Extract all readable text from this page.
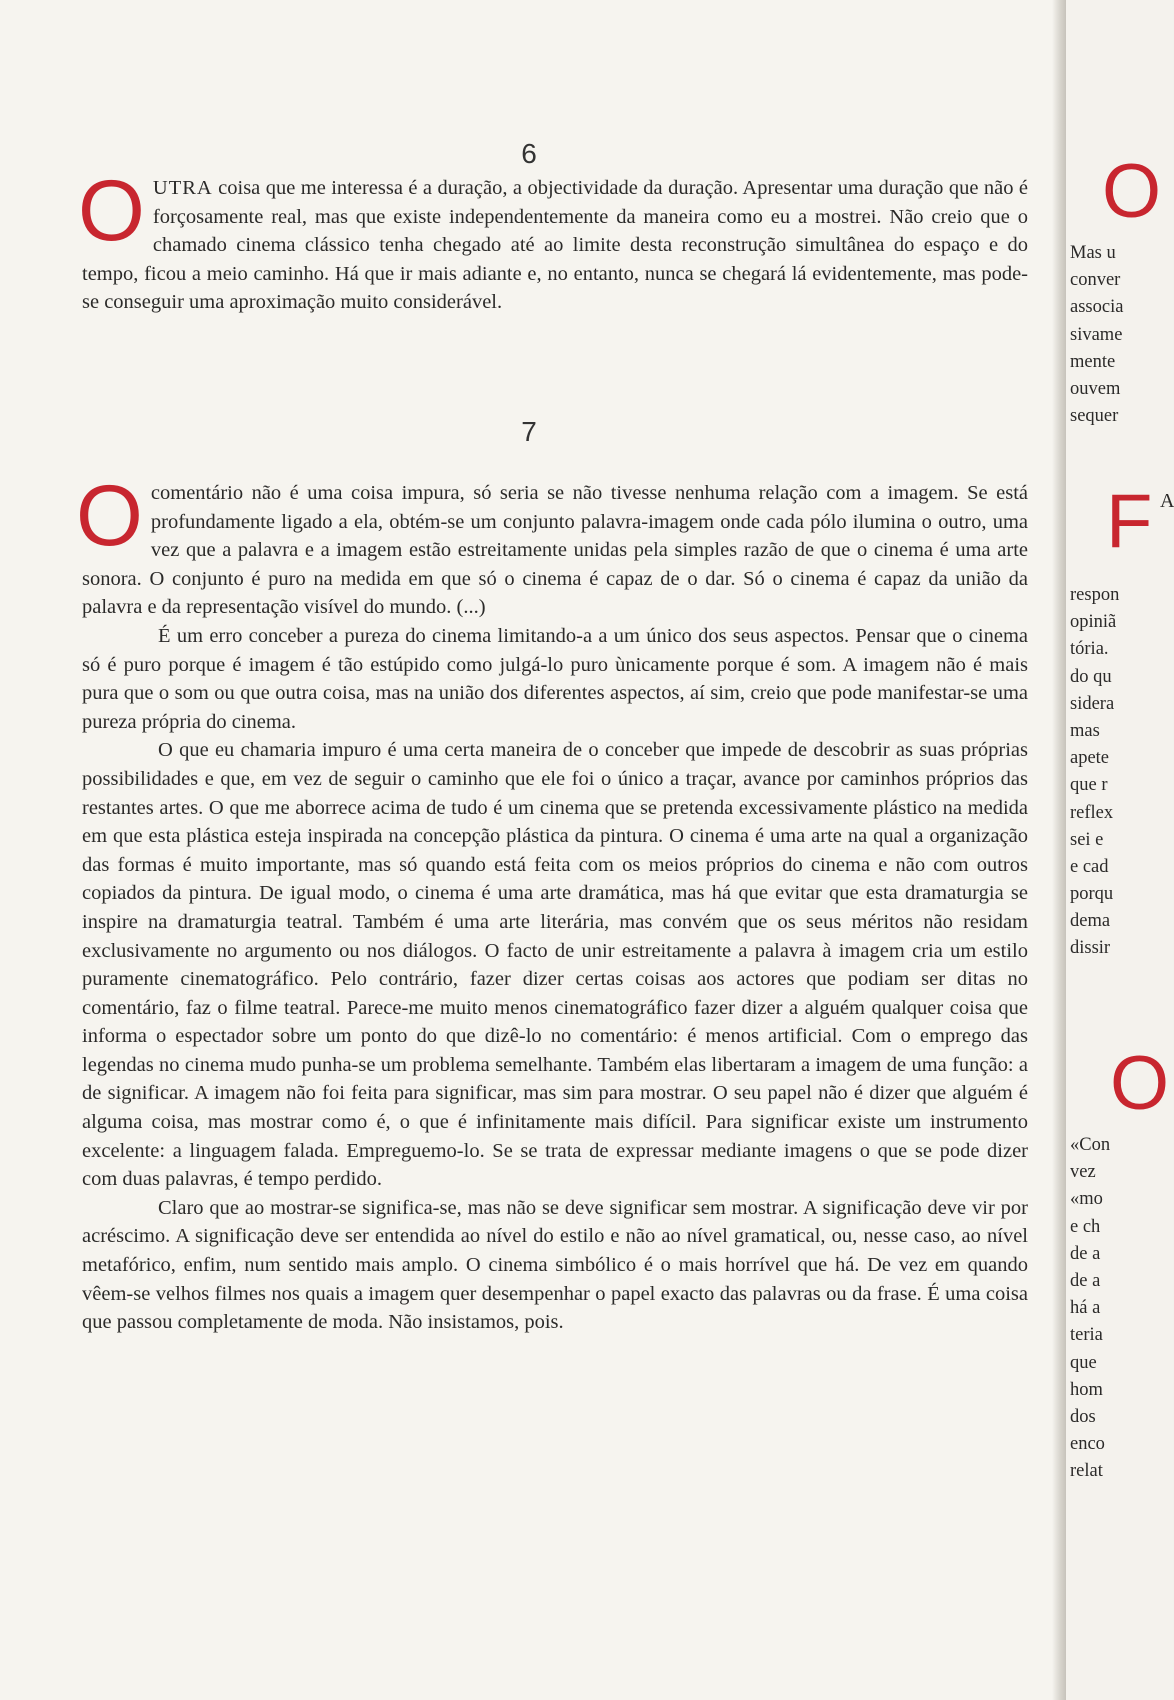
6

OUTRA coisa que me interessa é a duração, a objectividade da duração. Apresentar uma duração que não é forçosamente real, mas que existe independentemente da maneira como eu a mostrei. Não creio que o chamado cinema clássico tenha chegado até ao limite desta reconstrução simultânea do espaço e do tempo, ficou a meio caminho. Há que ir mais adiante e, no entanto, nunca se chegará lá evidentemente, mas pode-se conseguir uma aproximação muito considerável.

7

O comentário não é uma coisa impura, só seria se não tivesse nenhuma relação com a imagem. Se está profundamente ligado a ela, obtém-se um conjunto palavra-imagem onde cada pólo ilumina o outro, uma vez que a palavra e a imagem estão estreitamente unidas pela simples razão de que o cinema é uma arte sonora. O conjunto é puro na medida em que só o cinema é capaz de o dar. Só o cinema é capaz da união da palavra e da representação visível do mundo. (...)

É um erro conceber a pureza do cinema limitando-a a um único dos seus aspectos. Pensar que o cinema só é puro porque é imagem é tão estúpido como julgá-lo puro ùnicamente porque é som. A imagem não é mais pura que o som ou que outra coisa, mas na união dos diferentes aspectos, aí sim, creio que pode manifestar-se uma pureza própria do cinema.

O que eu chamaria impuro é uma certa maneira de o conceber que impede de descobrir as suas próprias possibilidades e que, em vez de seguir o caminho que ele foi o único a traçar, avance por caminhos próprios das restantes artes. O que me aborrece acima de tudo é um cinema que se pretenda excessivamente plástico na medida em que esta plástica esteja inspirada na concepção plástica da pintura. O cinema é uma arte na qual a organização das formas é muito importante, mas só quando está feita com os meios próprios do cinema e não com outros copiados da pintura. De igual modo, o cinema é uma arte dramática, mas há que evitar que esta dramaturgia se inspire na dramaturgia teatral. Também é uma arte literária, mas convém que os seus méritos não residam exclusivamente no argumento ou nos diálogos. O facto de unir estreitamente a palavra à imagem cria um estilo puramente cinematográfico. Pelo contrário, fazer dizer certas coisas aos actores que podiam ser ditas no comentário, faz o filme teatral. Parece-me muito menos cinematográfico fazer dizer a alguém qualquer coisa que informa o espectador sobre um ponto do que dizê-lo no comentário: é menos artificial. Com o emprego das legendas no cinema mudo punha-se um problema semelhante. Também elas libertaram a imagem de uma função: a de significar. A imagem não foi feita para significar, mas sim para mostrar. O seu papel não é dizer que alguém é alguma coisa, mas mostrar como é, o que é infinitamente mais difícil. Para significar existe um instrumento excelente: a linguagem falada. Empreguemo-lo. Se se trata de expressar mediante imagens o que se pode dizer com duas palavras, é tempo perdido.

Claro que ao mostrar-se significa-se, mas não se deve significar sem mostrar. A significação deve vir por acréscimo. A significação deve ser entendida ao nível do estilo e não ao nível gramatical, ou, nesse caso, ao nível metafórico, enfim, num sentido mais amplo. O cinema simbólico é o mais horrível que há. De vez em quando vêem-se velhos filmes nos quais a imagem quer desempenhar o papel exacto das palavras ou da frase. É uma coisa que passou completamente de moda. Não insistamos, pois.

O
Mas u
conver
associa
sivame
mente
ouvem
sequer
F A
respon
opiniã
tória.
do qu
sidera
mas
apete
que r
reflex
sei e
e cad
porqu
dema
dissir
O
«Con
vez
«mo
e ch
de a
de a
há a
teria
que
hom
dos
enco
relat
